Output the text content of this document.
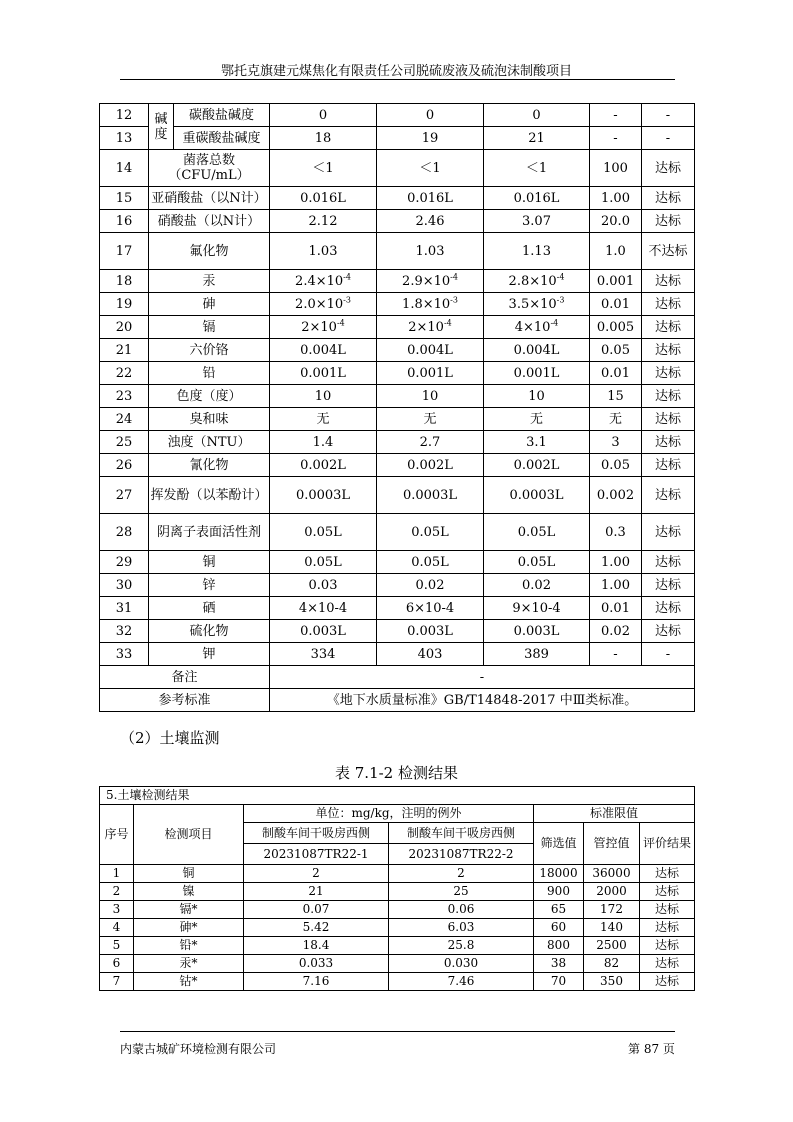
鄂托克旗建元煤焦化有限责任公司脱硫废液及硫泡沫制酸项目
12	碱度	碳酸盐碱度	0	0	0	-	-
13		重碳酸盐碱度	18	19	21	-	-
14	菌落总数（CFU/mL）		＜1	＜1	＜1	100	达标
15	亚硝酸盐（以N计）		0.016L	0.016L	0.016L	1.00	达标
16	硝酸盐（以N计）		2.12	2.46	3.07	20.0	达标
17	氟化物		1.03	1.03	1.13	1.0	不达标
18	汞		$2.4\times 10^{-4}$	$2.9\times 10^{-4}$	$2.8\times 10^{-4}$	0.001	达标
19	砷		$2.0\times 10^{-3}$	$1.8\times 10^{-3}$	$3.5\times 10^{-3}$	0.01	达标
20	镉		$2\times 10^{-4}$	$2\times 10^{-4}$	$4\times 10^{-4}$	0.005	达标
21	六价铬		0.004L	0.004L	0.004L	0.05	达标
22	铅		0.001L	0.001L	0.001L	0.01	达标
23	色度（度）		10	10	10	15	达标
24	臭和味		无	无	无	无	达标
25	浊度（NTU）		1.4	2.7	3.1	3	达标
26	氰化物		0.002L	0.002L	0.002L	0.05	达标
27	挥发酚（以苯酚计）		0.0003L	0.0003L	0.0003L	0.002	达标
28	阴离子表面活性剂		0.05L	0.05L	0.05L	0.3	达标
29	铜		0.05L	0.05L	0.05L	1.00	达标
30	锌		0.03	0.02	0.02	1.00	达标
31	硒		4×10-4	6×10-4	9×10-4	0.01	达标
32	硫化物		0.003L	0.003L	0.003L	0.02	达标
33	钾		334	403	389	-	-
备注			-				
参考标准			《地下水质量标准》GB/T14848-2017 中Ⅲ类标准。				
（2）土壤监测
表 7.1-2 检测结果
5.土壤检测结果						
序号	检测项目	单位：mg/kg，注明的例外		标准限值		
		制酸车间干吸房西侧	制酸车间干吸房西侧	筛选值	管控值	评价结果
		20231087TR22-1	20231087TR22-2			
1	铜	2	2	18000	36000	达标
2	镍	21	25	900	2000	达标
3	镉*	0.07	0.06	65	172	达标
4	砷*	5.42	6.03	60	140	达标
5	铅*	18.4	25.8	800	2500	达标
6	汞*	0.033	0.030	38	82	达标
7	钴*	7.16	7.46	70	350	达标
内蒙古城矿环境检测有限公司	第 87 页
